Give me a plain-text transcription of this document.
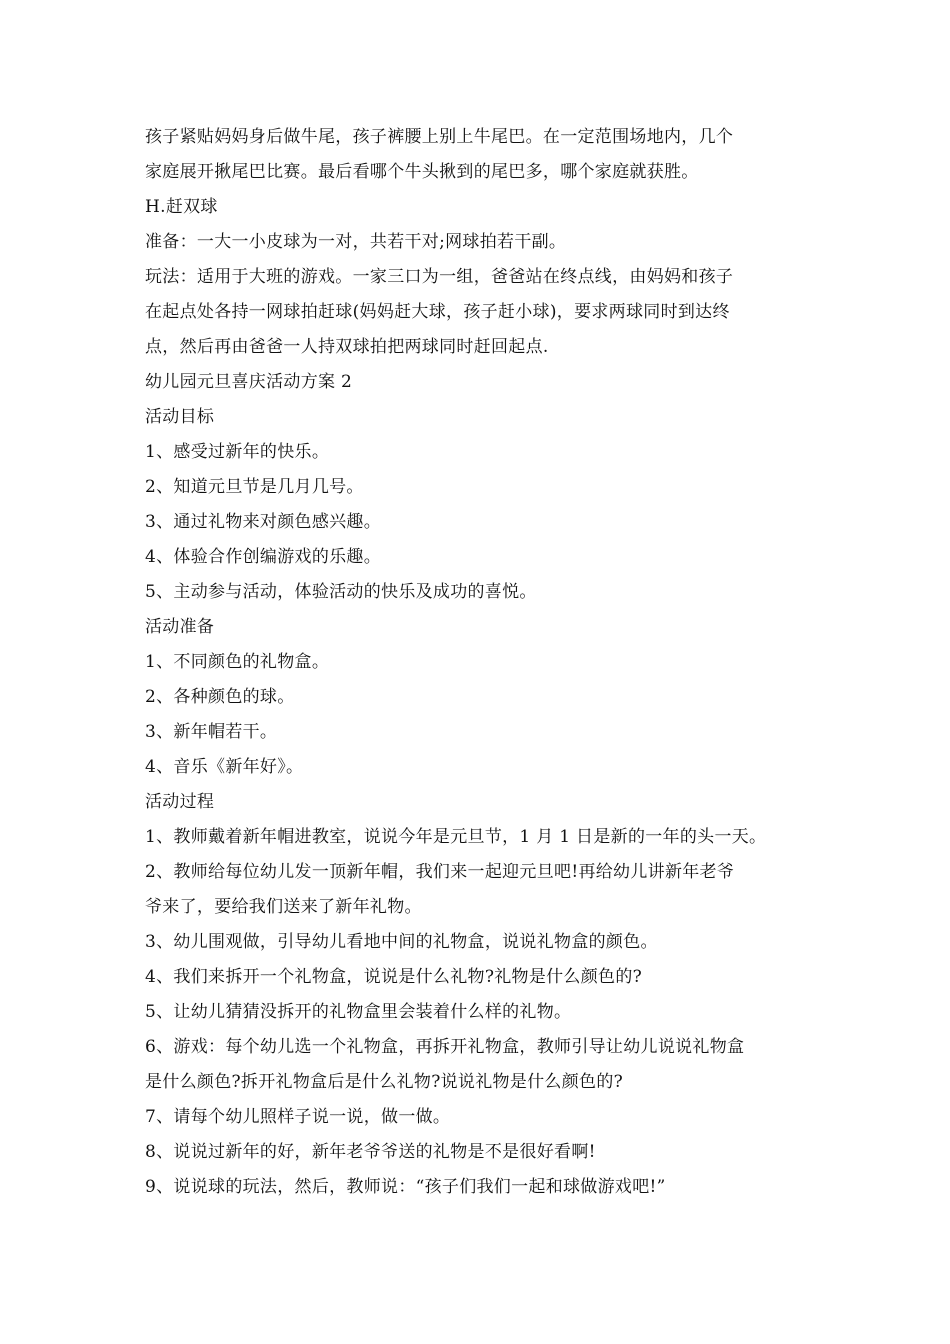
孩子紧贴妈妈身后做牛尾，孩子裤腰上别上牛尾巴。在一定范围场地内，几个
家庭展开揪尾巴比赛。最后看哪个牛头揪到的尾巴多，哪个家庭就获胜。
H.赶双球
准备：一大一小皮球为一对，共若干对;网球拍若干副。
玩法：适用于大班的游戏。一家三口为一组，爸爸站在终点线，由妈妈和孩子
在起点处各持一网球拍赶球(妈妈赶大球，孩子赶小球)，要求两球同时到达终
点，然后再由爸爸一人持双球拍把两球同时赶回起点.
幼儿园元旦喜庆活动方案 2
活动目标
1、感受过新年的快乐。
2、知道元旦节是几月几号。
3、通过礼物来对颜色感兴趣。
4、体验合作创编游戏的乐趣。
5、主动参与活动，体验活动的快乐及成功的喜悦。
活动准备
1、不同颜色的礼物盒。
2、各种颜色的球。
3、新年帽若干。
4、音乐《新年好》。
活动过程
1、教师戴着新年帽进教室，说说今年是元旦节，1 月 1 日是新的一年的头一天。
2、教师给每位幼儿发一顶新年帽，我们来一起迎元旦吧!再给幼儿讲新年老爷
爷来了，要给我们送来了新年礼物。
3、幼儿围观做，引导幼儿看地中间的礼物盒，说说礼物盒的颜色。
4、我们来拆开一个礼物盒，说说是什么礼物?礼物是什么颜色的?
5、让幼儿猜猜没拆开的礼物盒里会装着什么样的礼物。
6、游戏：每个幼儿选一个礼物盒，再拆开礼物盒，教师引导让幼儿说说礼物盒
是什么颜色?拆开礼物盒后是什么礼物?说说礼物是什么颜色的?
7、请每个幼儿照样子说一说，做一做。
8、说说过新年的好，新年老爷爷送的礼物是不是很好看啊!
9、说说球的玩法，然后，教师说：“孩子们我们一起和球做游戏吧!”
